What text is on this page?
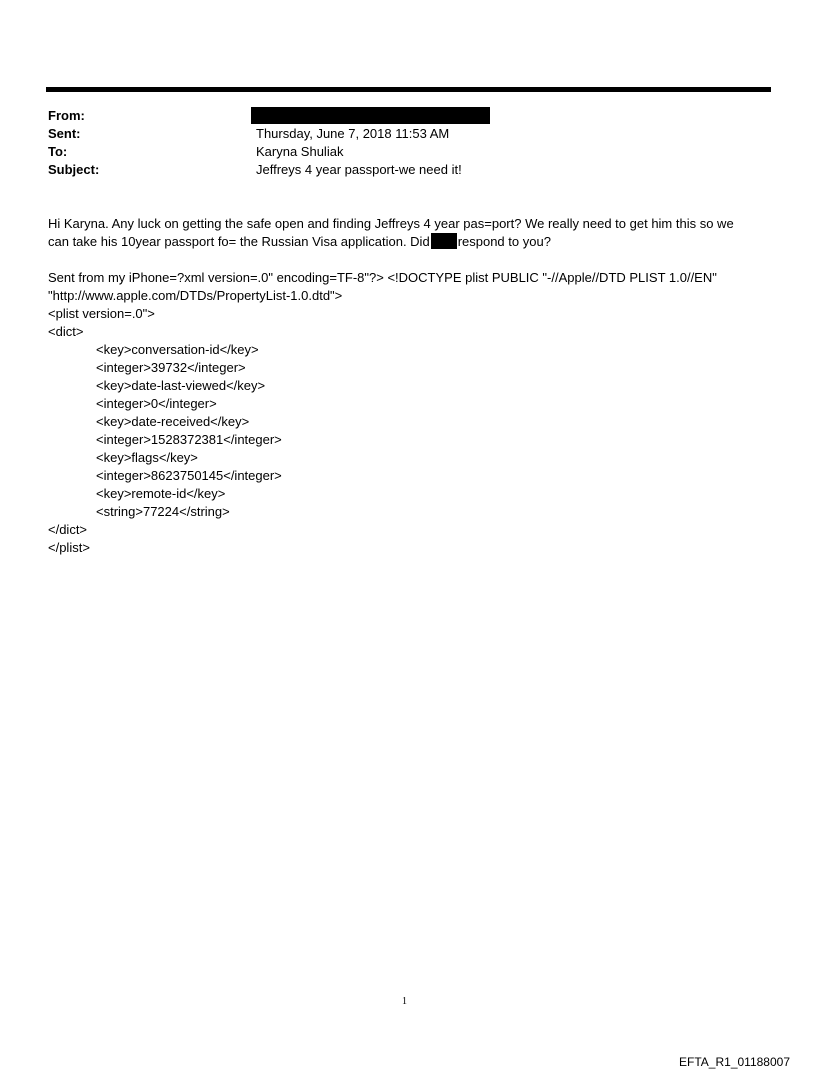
From:
Sent:	Thursday, June 7, 2018 11:53 AM
To:	Karyna Shuliak
Subject:	Jeffreys 4 year passport-we need it!
Hi Karyna. Any luck on getting the safe open and finding Jeffreys 4 year pas=port? We really need to get him this so we
can take his 10year passport fo= the Russian Visa application. Did respond to you?
Sent from my iPhone=?xml version=.0" encoding=TF-8"?> <!DOCTYPE plist PUBLIC "-//Apple//DTD PLIST 1.0//EN"
"http://www.apple.com/DTDs/PropertyList-1.0.dtd">
<plist version=.0">
<dict>
<key>conversation-id</key>
<integer>39732</integer>
<key>date-last-viewed</key>
<integer>0</integer>
<key>date-received</key>
<integer>1528372381</integer>
<key>flags</key>
<integer>8623750145</integer>
<key>remote-id</key>
<string>77224</string>
</dict>
</plist>
1
EFTA_R1_01188007
